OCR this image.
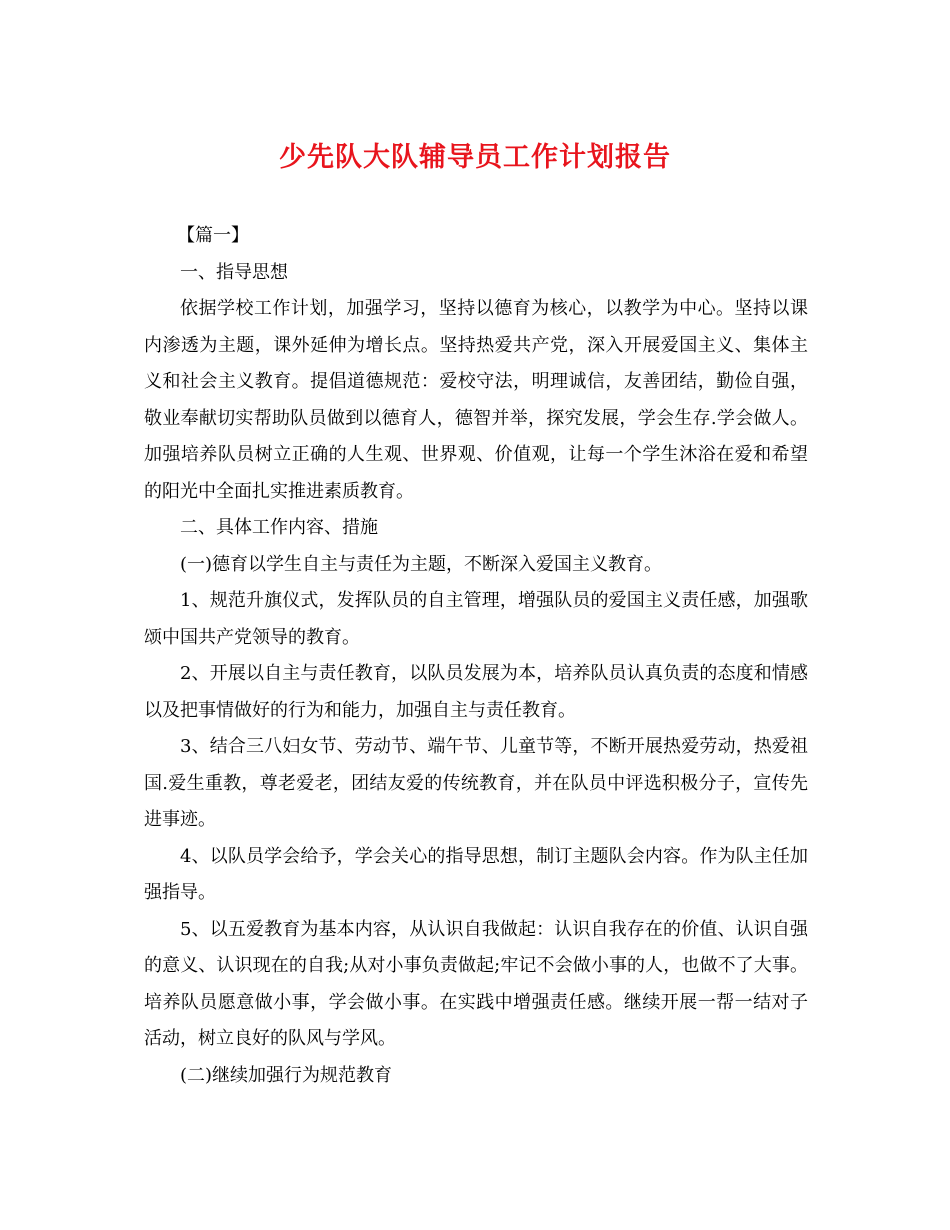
少先队大队辅导员工作计划报告

【篇一】

一、指导思想

依据学校工作计划，加强学习，坚持以德育为核心，以教学为中心。坚持以课内渗透为主题，课外延伸为增长点。坚持热爱共产党，深入开展爱国主义、集体主义和社会主义教育。提倡道德规范：爱校守法，明理诚信，友善团结，勤俭自强，敬业奉献切实帮助队员做到以德育人，德智并举，探究发展，学会生存.学会做人。加强培养队员树立正确的人生观、世界观、价值观，让每一个学生沐浴在爱和希望的阳光中全面扎实推进素质教育。

二、具体工作内容、措施

(一)德育以学生自主与责任为主题，不断深入爱国主义教育。

1、规范升旗仪式，发挥队员的自主管理，增强队员的爱国主义责任感，加强歌颂中国共产党领导的教育。

2、开展以自主与责任教育，以队员发展为本，培养队员认真负责的态度和情感以及把事情做好的行为和能力，加强自主与责任教育。

3、结合三八妇女节、劳动节、端午节、儿童节等，不断开展热爱劳动，热爱祖国.爱生重教，尊老爱老，团结友爱的传统教育，并在队员中评选积极分子，宣传先进事迹。

4、以队员学会给予，学会关心的指导思想，制订主题队会内容。作为队主任加强指导。

5、以五爱教育为基本内容，从认识自我做起：认识自我存在的价值、认识自强的意义、认识现在的自我;从对小事负责做起;牢记不会做小事的人，也做不了大事。培养队员愿意做小事，学会做小事。在实践中增强责任感。继续开展一帮一结对子活动，树立良好的队风与学风。

(二)继续加强行为规范教育
